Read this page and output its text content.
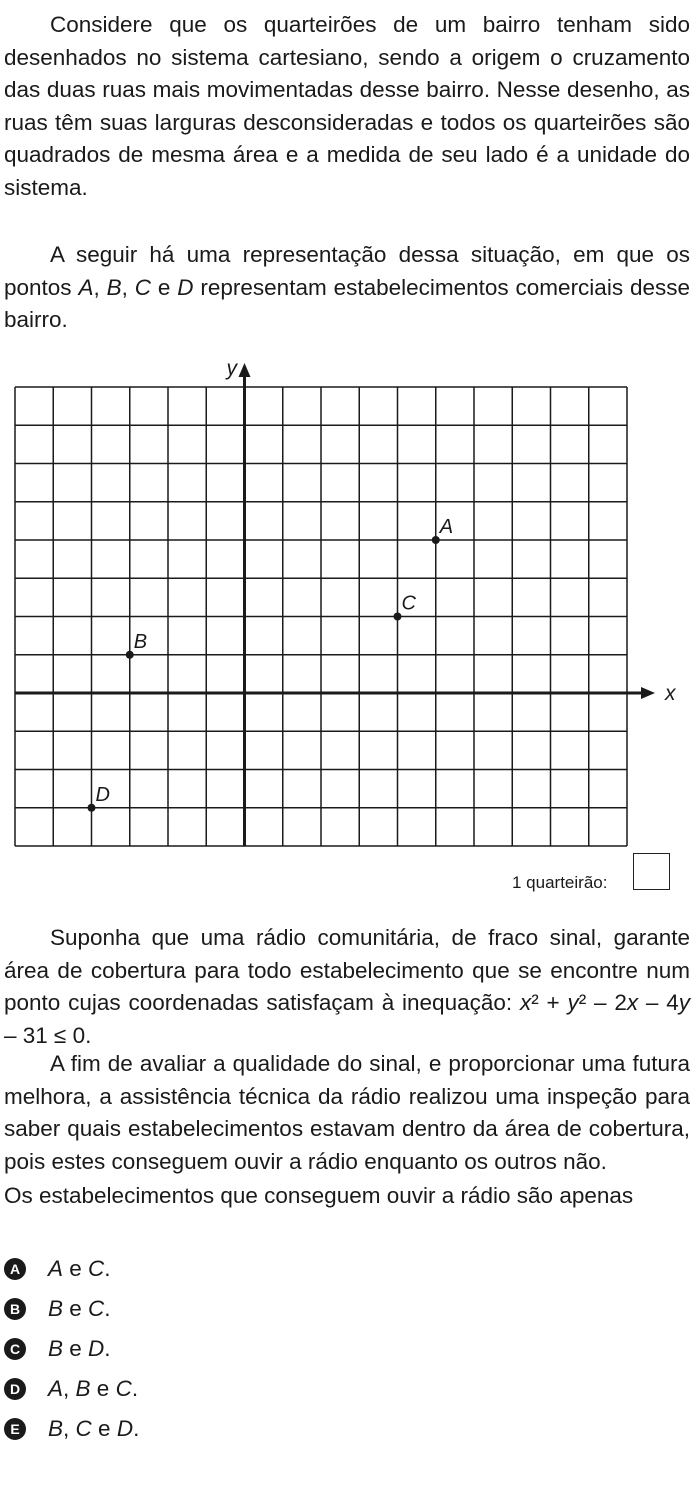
Considere que os quarteirões de um bairro tenham sido desenhados no sistema cartesiano, sendo a origem o cruzamento das duas ruas mais movimentadas desse bairro. Nesse desenho, as ruas têm suas larguras desconsideradas e todos os quarteirões são quadrados de mesma área e a medida de seu lado é a unidade do sistema.

A seguir há uma representação dessa situação, em que os pontos A, B, C e D representam estabelecimentos comerciais desse bairro.

x
y
A
B
C
D
1 quarteirão:

Suponha que uma rádio comunitária, de fraco sinal, garante área de cobertura para todo estabelecimento que se encontre num ponto cujas coordenadas satisfaçam à inequação: x² + y² – 2x – 4y – 31 ≤ 0.

A fim de avaliar a qualidade do sinal, e proporcionar uma futura melhora, a assistência técnica da rádio realizou uma inspeção para saber quais estabelecimentos estavam dentro da área de cobertura, pois estes conseguem ouvir a rádio enquanto os outros não.

Os estabelecimentos que conseguem ouvir a rádio são apenas

A A e C.
B B e C.
C B e D.
D A, B e C.
E B, C e D.
